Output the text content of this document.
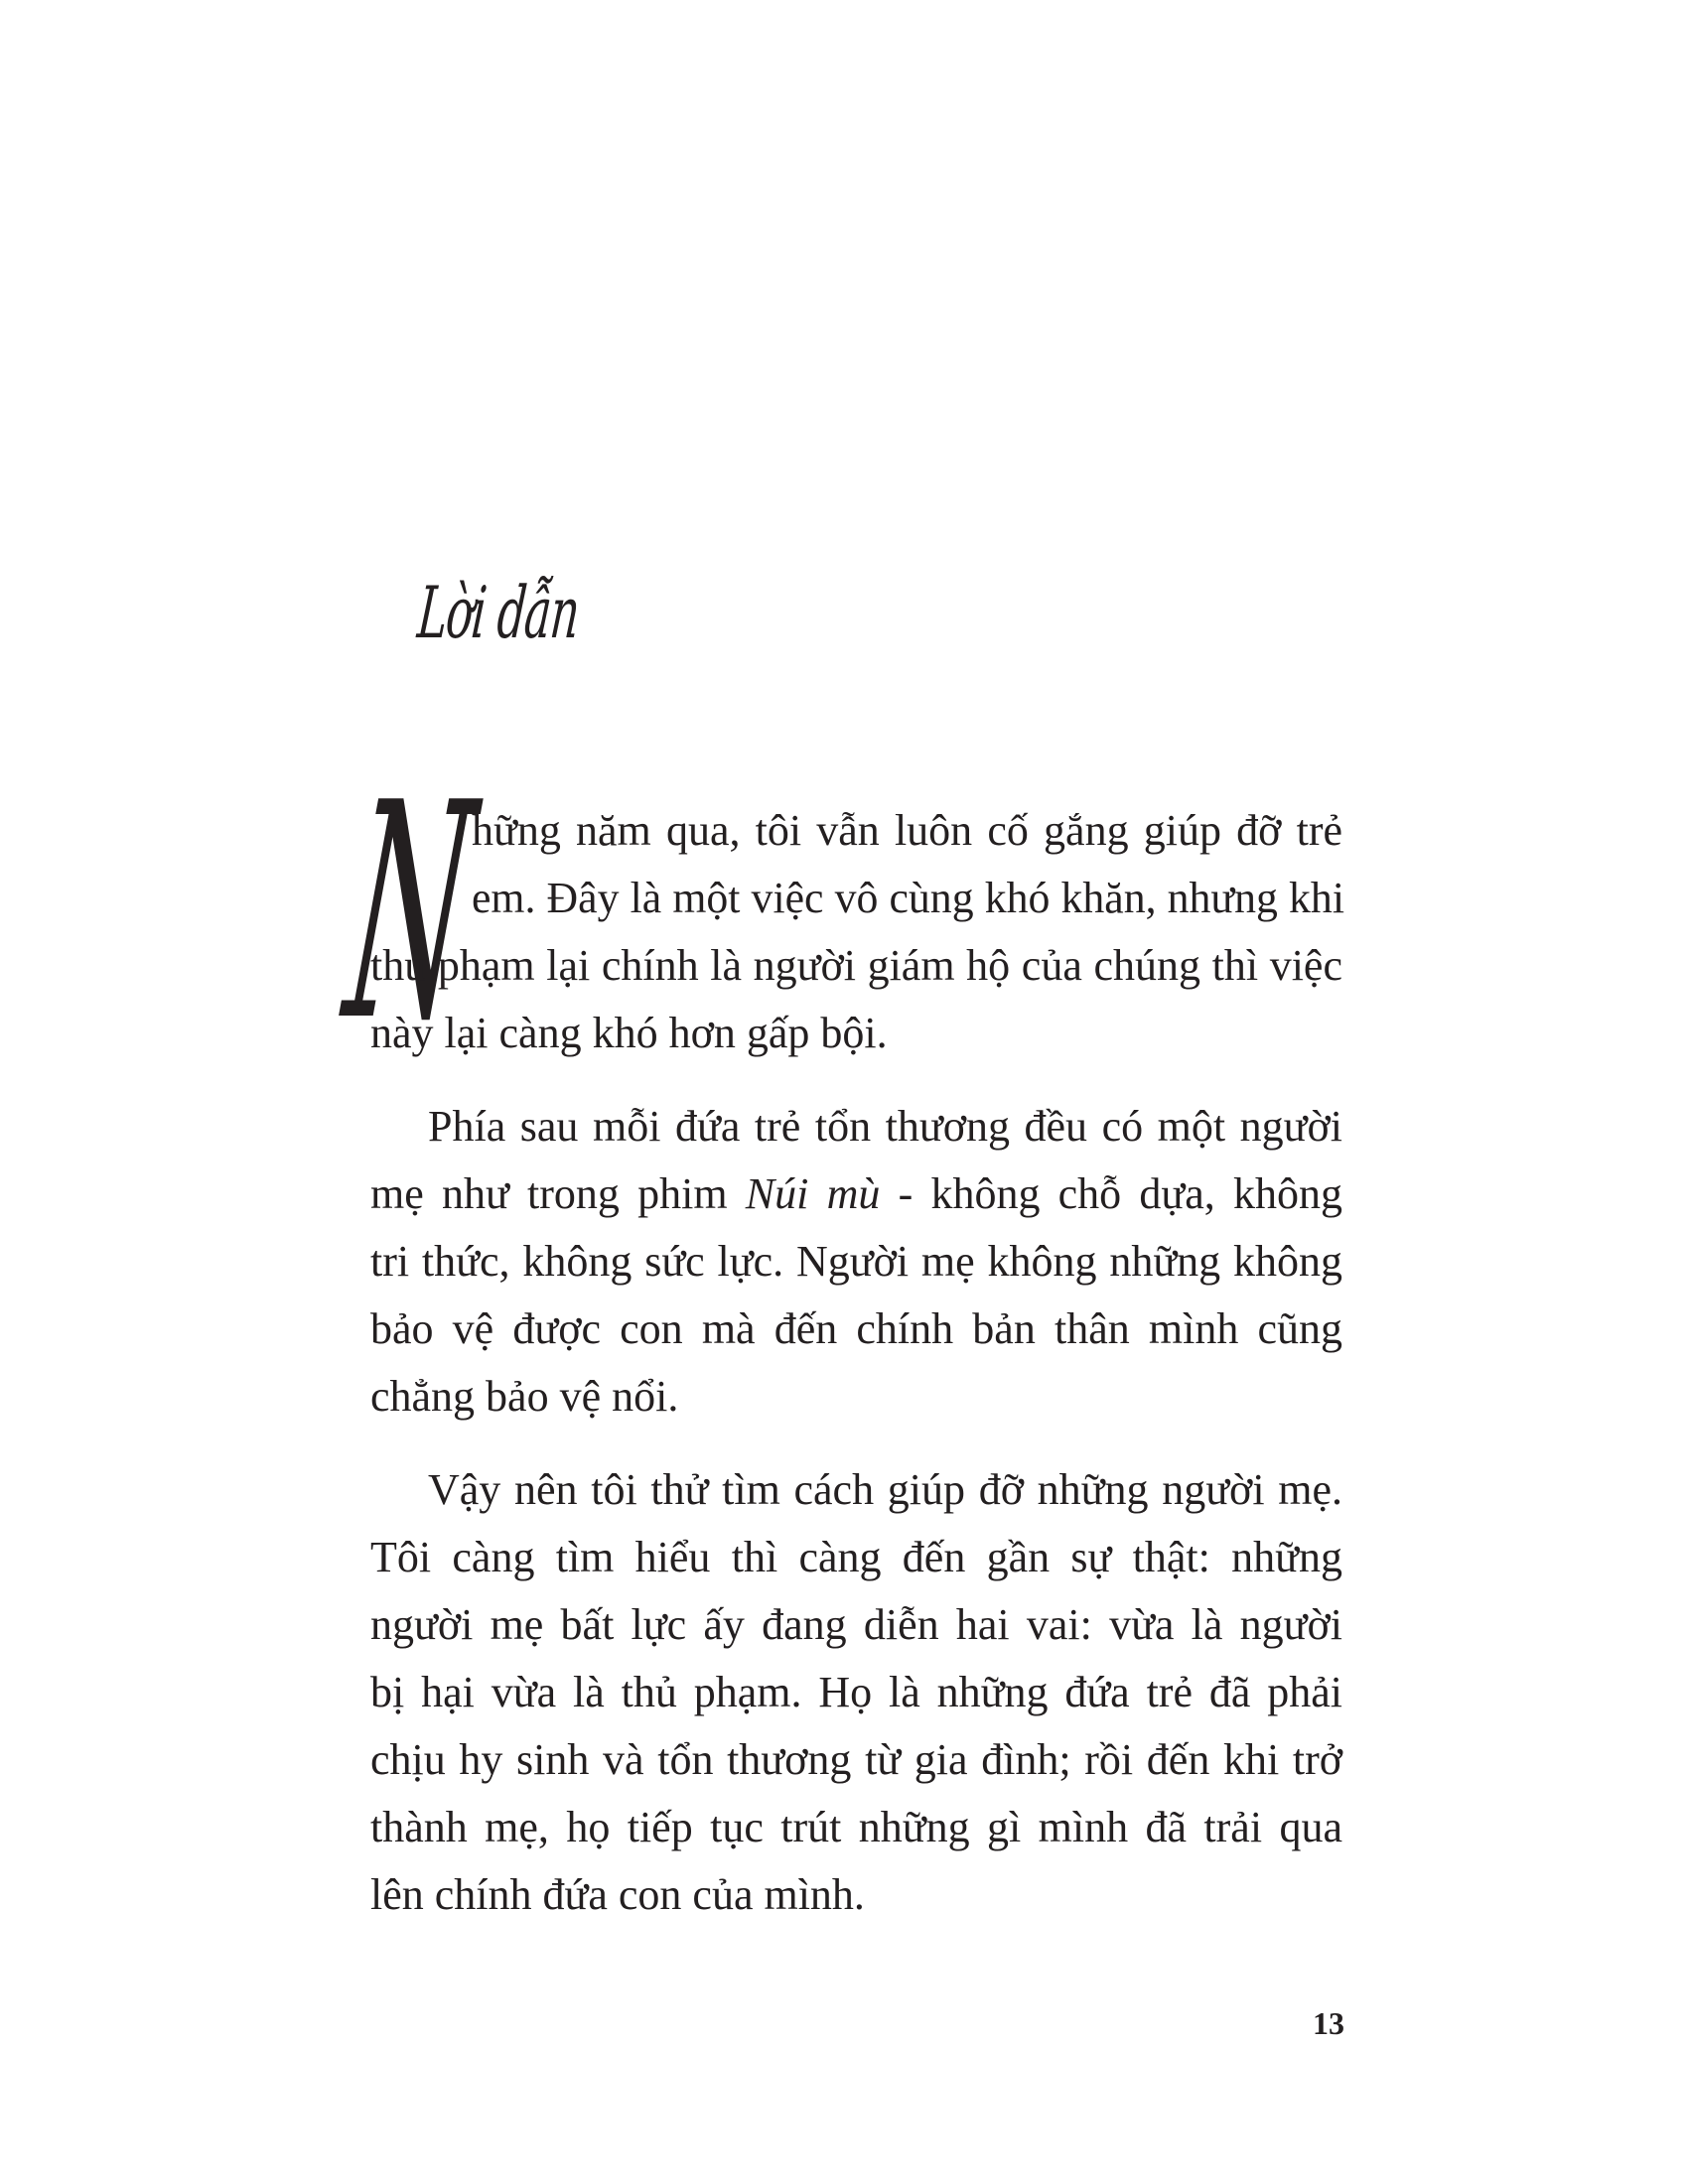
Lời dẫn
N
hững năm qua, tôi vẫn luôn cố gắng giúp đỡ trẻ
em. Đây là một việc vô cùng khó khăn, nhưng khi
thủ phạm lại chính là người giám hộ của chúng thì việc
này lại càng khó hơn gấp bội.
Phía sau mỗi đứa trẻ tổn thương đều có một người
mẹ như trong phim Núi mù - không chỗ dựa, không
tri thức, không sức lực. Người mẹ không những không
bảo vệ được con mà đến chính bản thân mình cũng
chẳng bảo vệ nổi.
Vậy nên tôi thử tìm cách giúp đỡ những người mẹ.
Tôi càng tìm hiểu thì càng đến gần sự thật: những
người mẹ bất lực ấy đang diễn hai vai: vừa là người
bị hại vừa là thủ phạm. Họ là những đứa trẻ đã phải
chịu hy sinh và tổn thương từ gia đình; rồi đến khi trở
thành mẹ, họ tiếp tục trút những gì mình đã trải qua
lên chính đứa con của mình.
13
